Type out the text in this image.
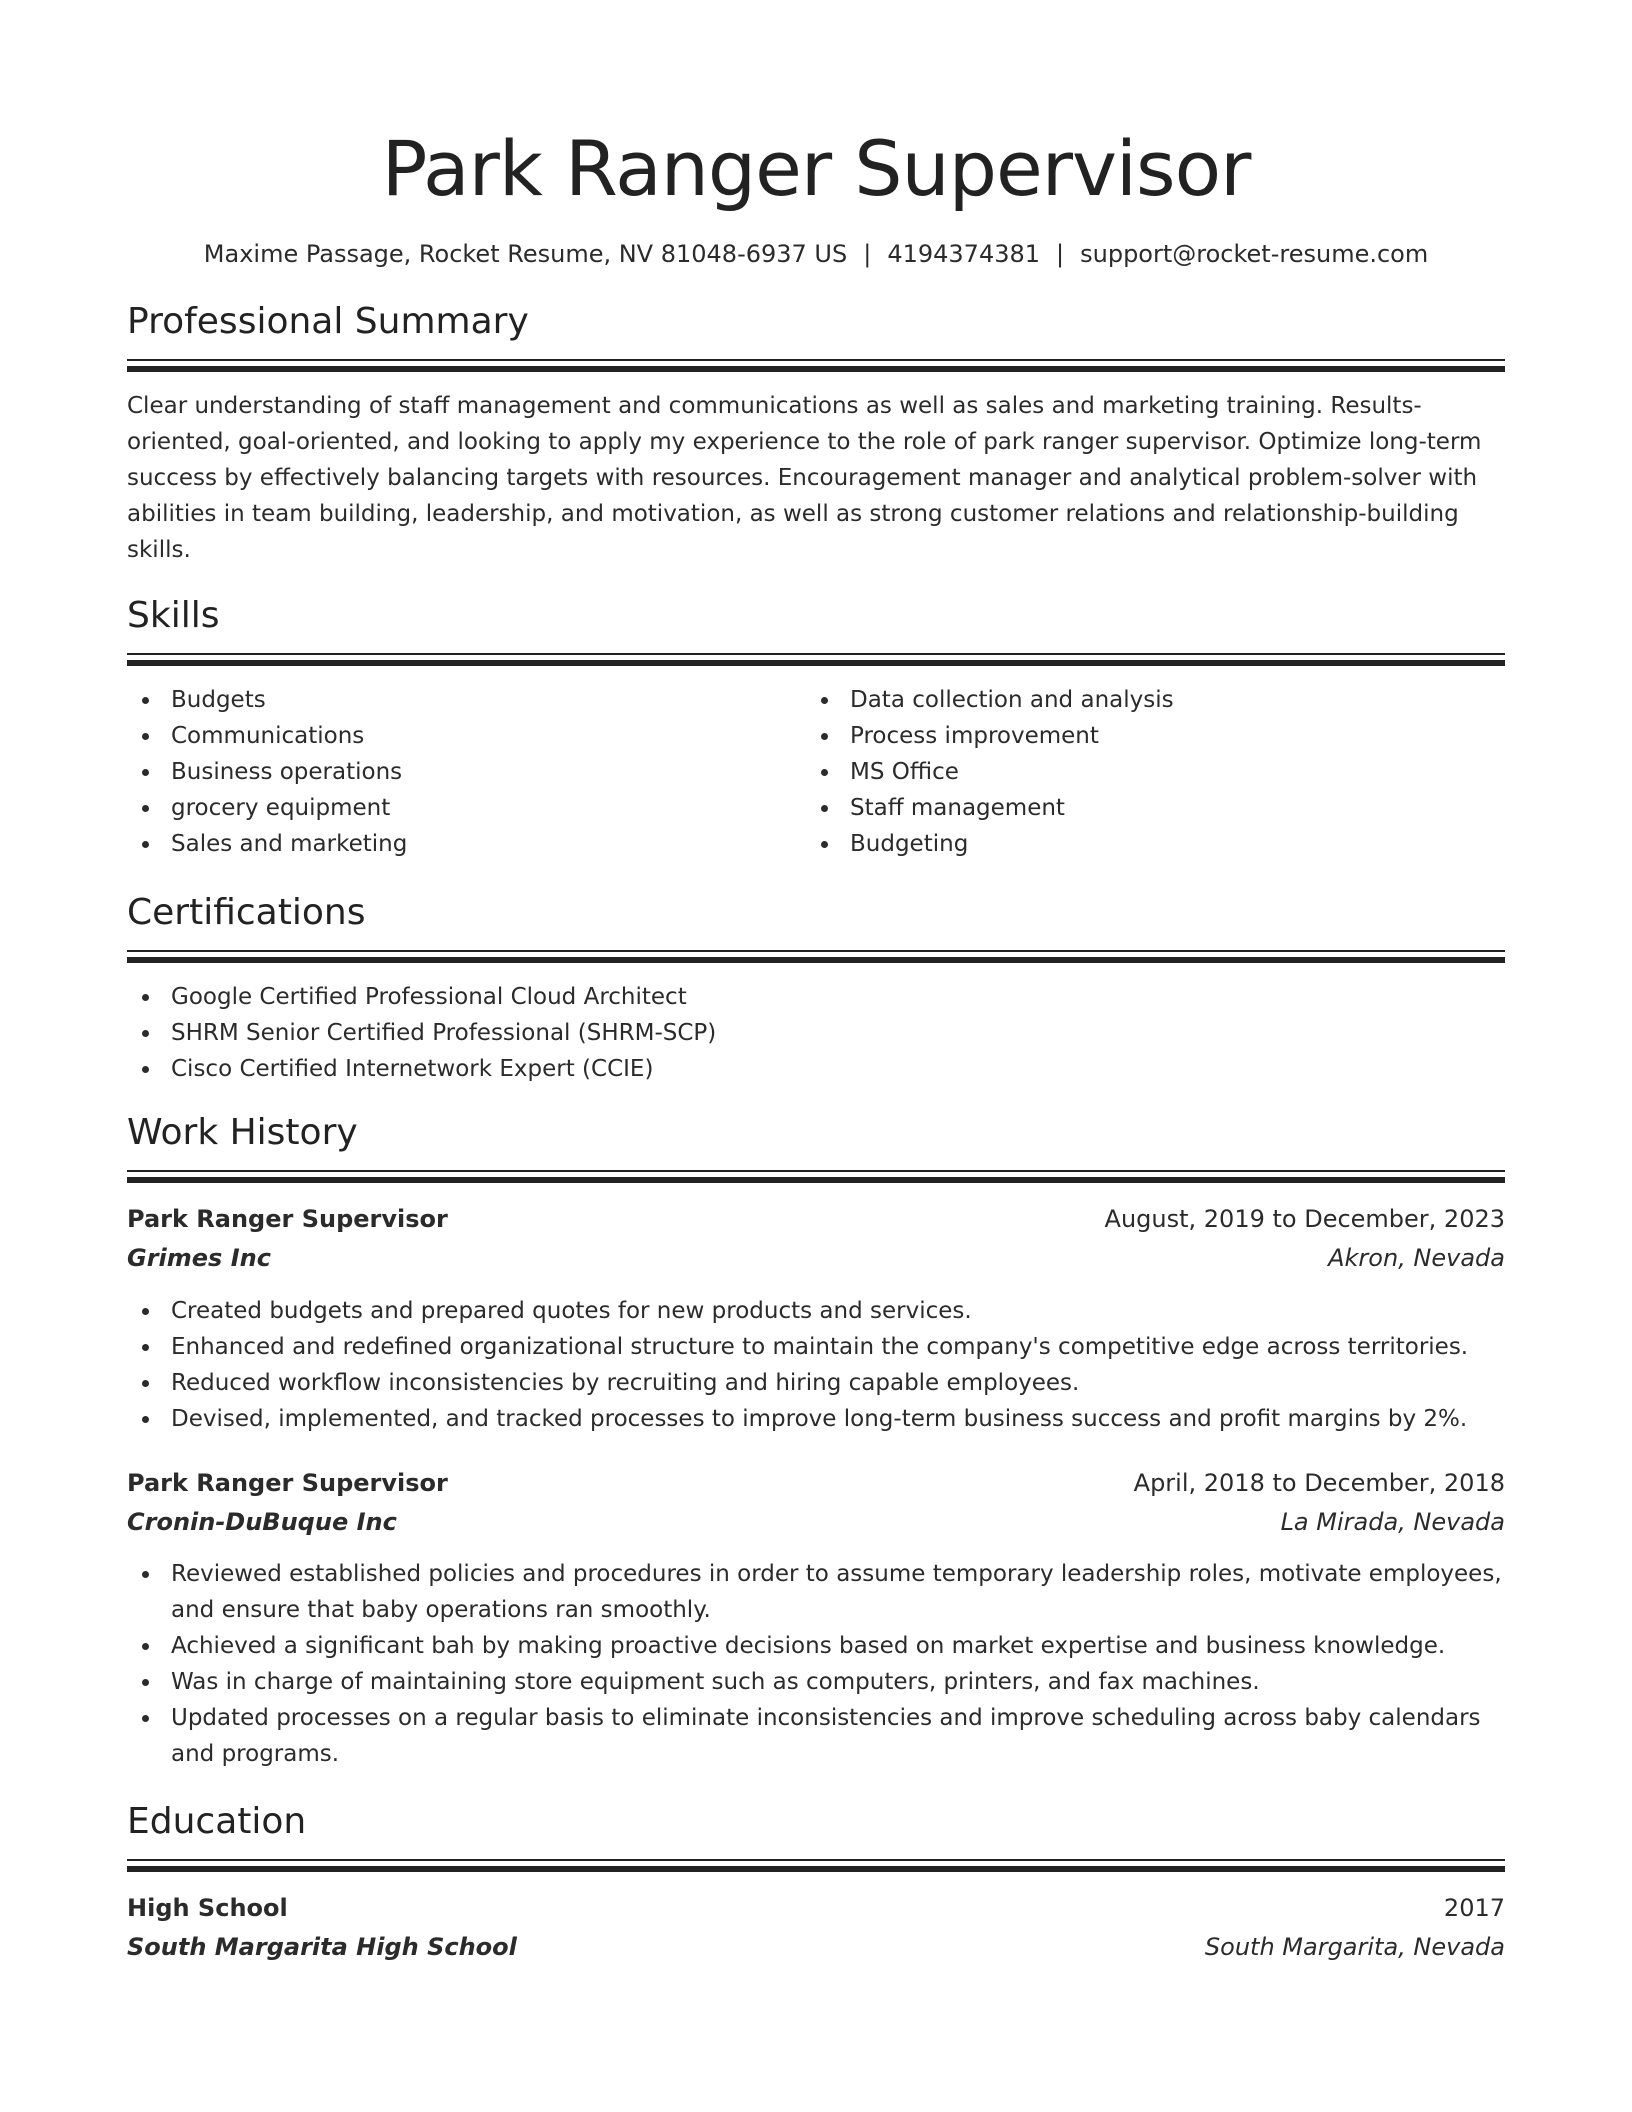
Park Ranger Supervisor
Maxime Passage, Rocket Resume, NV 81048-6937 US | 4194374381 | support@rocket-resume.com
Professional Summary
Clear understanding of staff management and communications as well as sales and marketing training. Results-oriented, goal-oriented, and looking to apply my experience to the role of park ranger supervisor. Optimize long-term success by effectively balancing targets with resources. Encouragement manager and analytical problem-solver with abilities in team building, leadership, and motivation, as well as strong customer relations and relationship-building skills.
Skills
Budgets
Communications
Business operations
grocery equipment
Sales and marketing
Data collection and analysis
Process improvement
MS Office
Staff management
Budgeting
Certifications
Google Certified Professional Cloud Architect
SHRM Senior Certified Professional (SHRM-SCP)
Cisco Certified Internetwork Expert (CCIE)
Work History
Park Ranger Supervisor	August, 2019 to December, 2023
Grimes Inc	Akron, Nevada
Created budgets and prepared quotes for new products and services.
Enhanced and redefined organizational structure to maintain the company's competitive edge across territories.
Reduced workflow inconsistencies by recruiting and hiring capable employees.
Devised, implemented, and tracked processes to improve long-term business success and profit margins by 2%.
Park Ranger Supervisor	April, 2018 to December, 2018
Cronin-DuBuque Inc	La Mirada, Nevada
Reviewed established policies and procedures in order to assume temporary leadership roles, motivate employees, and ensure that baby operations ran smoothly.
Achieved a significant bah by making proactive decisions based on market expertise and business knowledge.
Was in charge of maintaining store equipment such as computers, printers, and fax machines.
Updated processes on a regular basis to eliminate inconsistencies and improve scheduling across baby calendars and programs.
Education
High School	2017
South Margarita High School	South Margarita, Nevada
